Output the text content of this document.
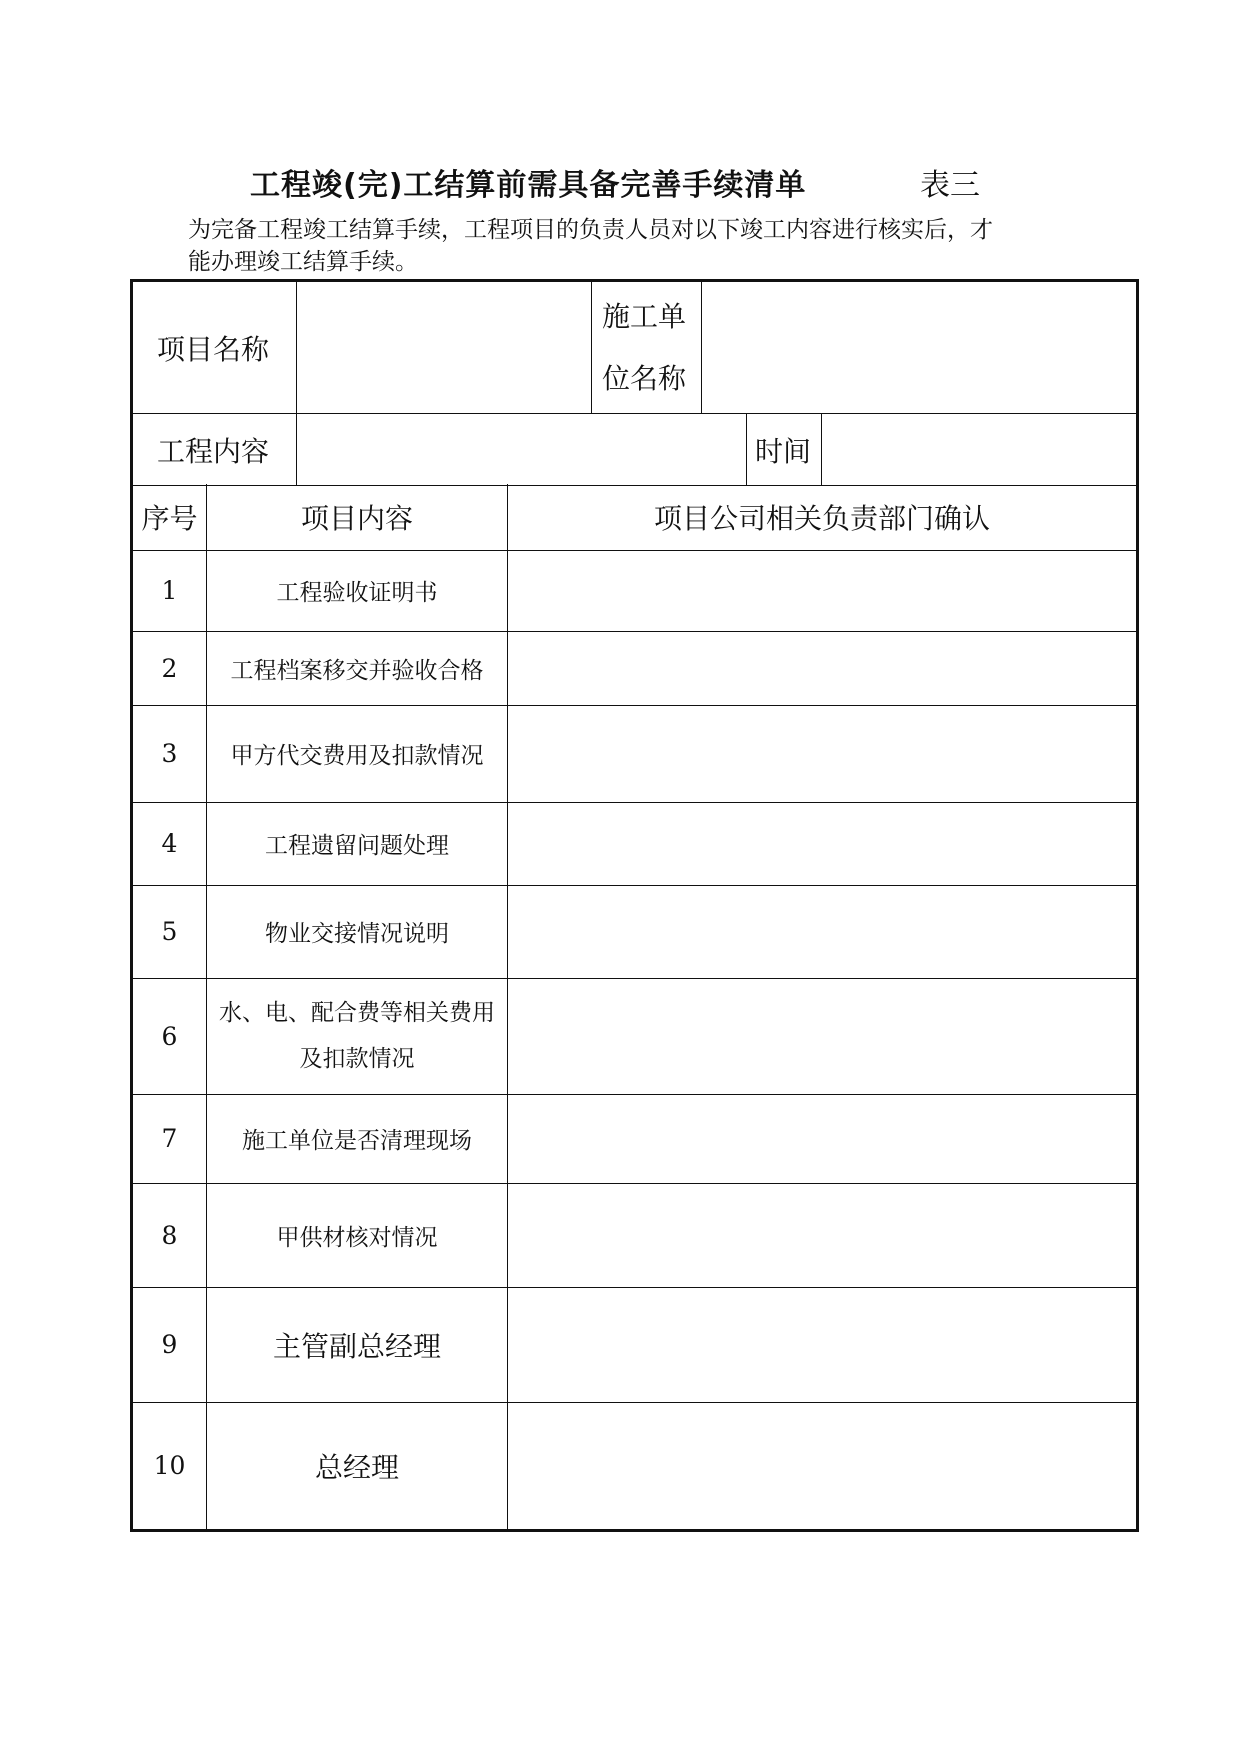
工程竣(完)工结算前需具备完善手续清单	表三
为完备工程竣工结算手续，工程项目的负责人员对以下竣工内容进行核实后，才
能办理竣工结算手续。
项目名称		施工单
位名称			

工程内容				时间	
序号	项目内容	项目公司相关负责部门确认
1	工程验收证明书	
2	工程档案移交并验收合格	
3	甲方代交费用及扣款情况	
4	工程遗留问题处理	
5	物业交接情况说明	
6	水、电、配合费等相关费用
及扣款情况	

7	施工单位是否清理现场	
8	甲供材核对情况	
9	主管副总经理	
10	总经理	
